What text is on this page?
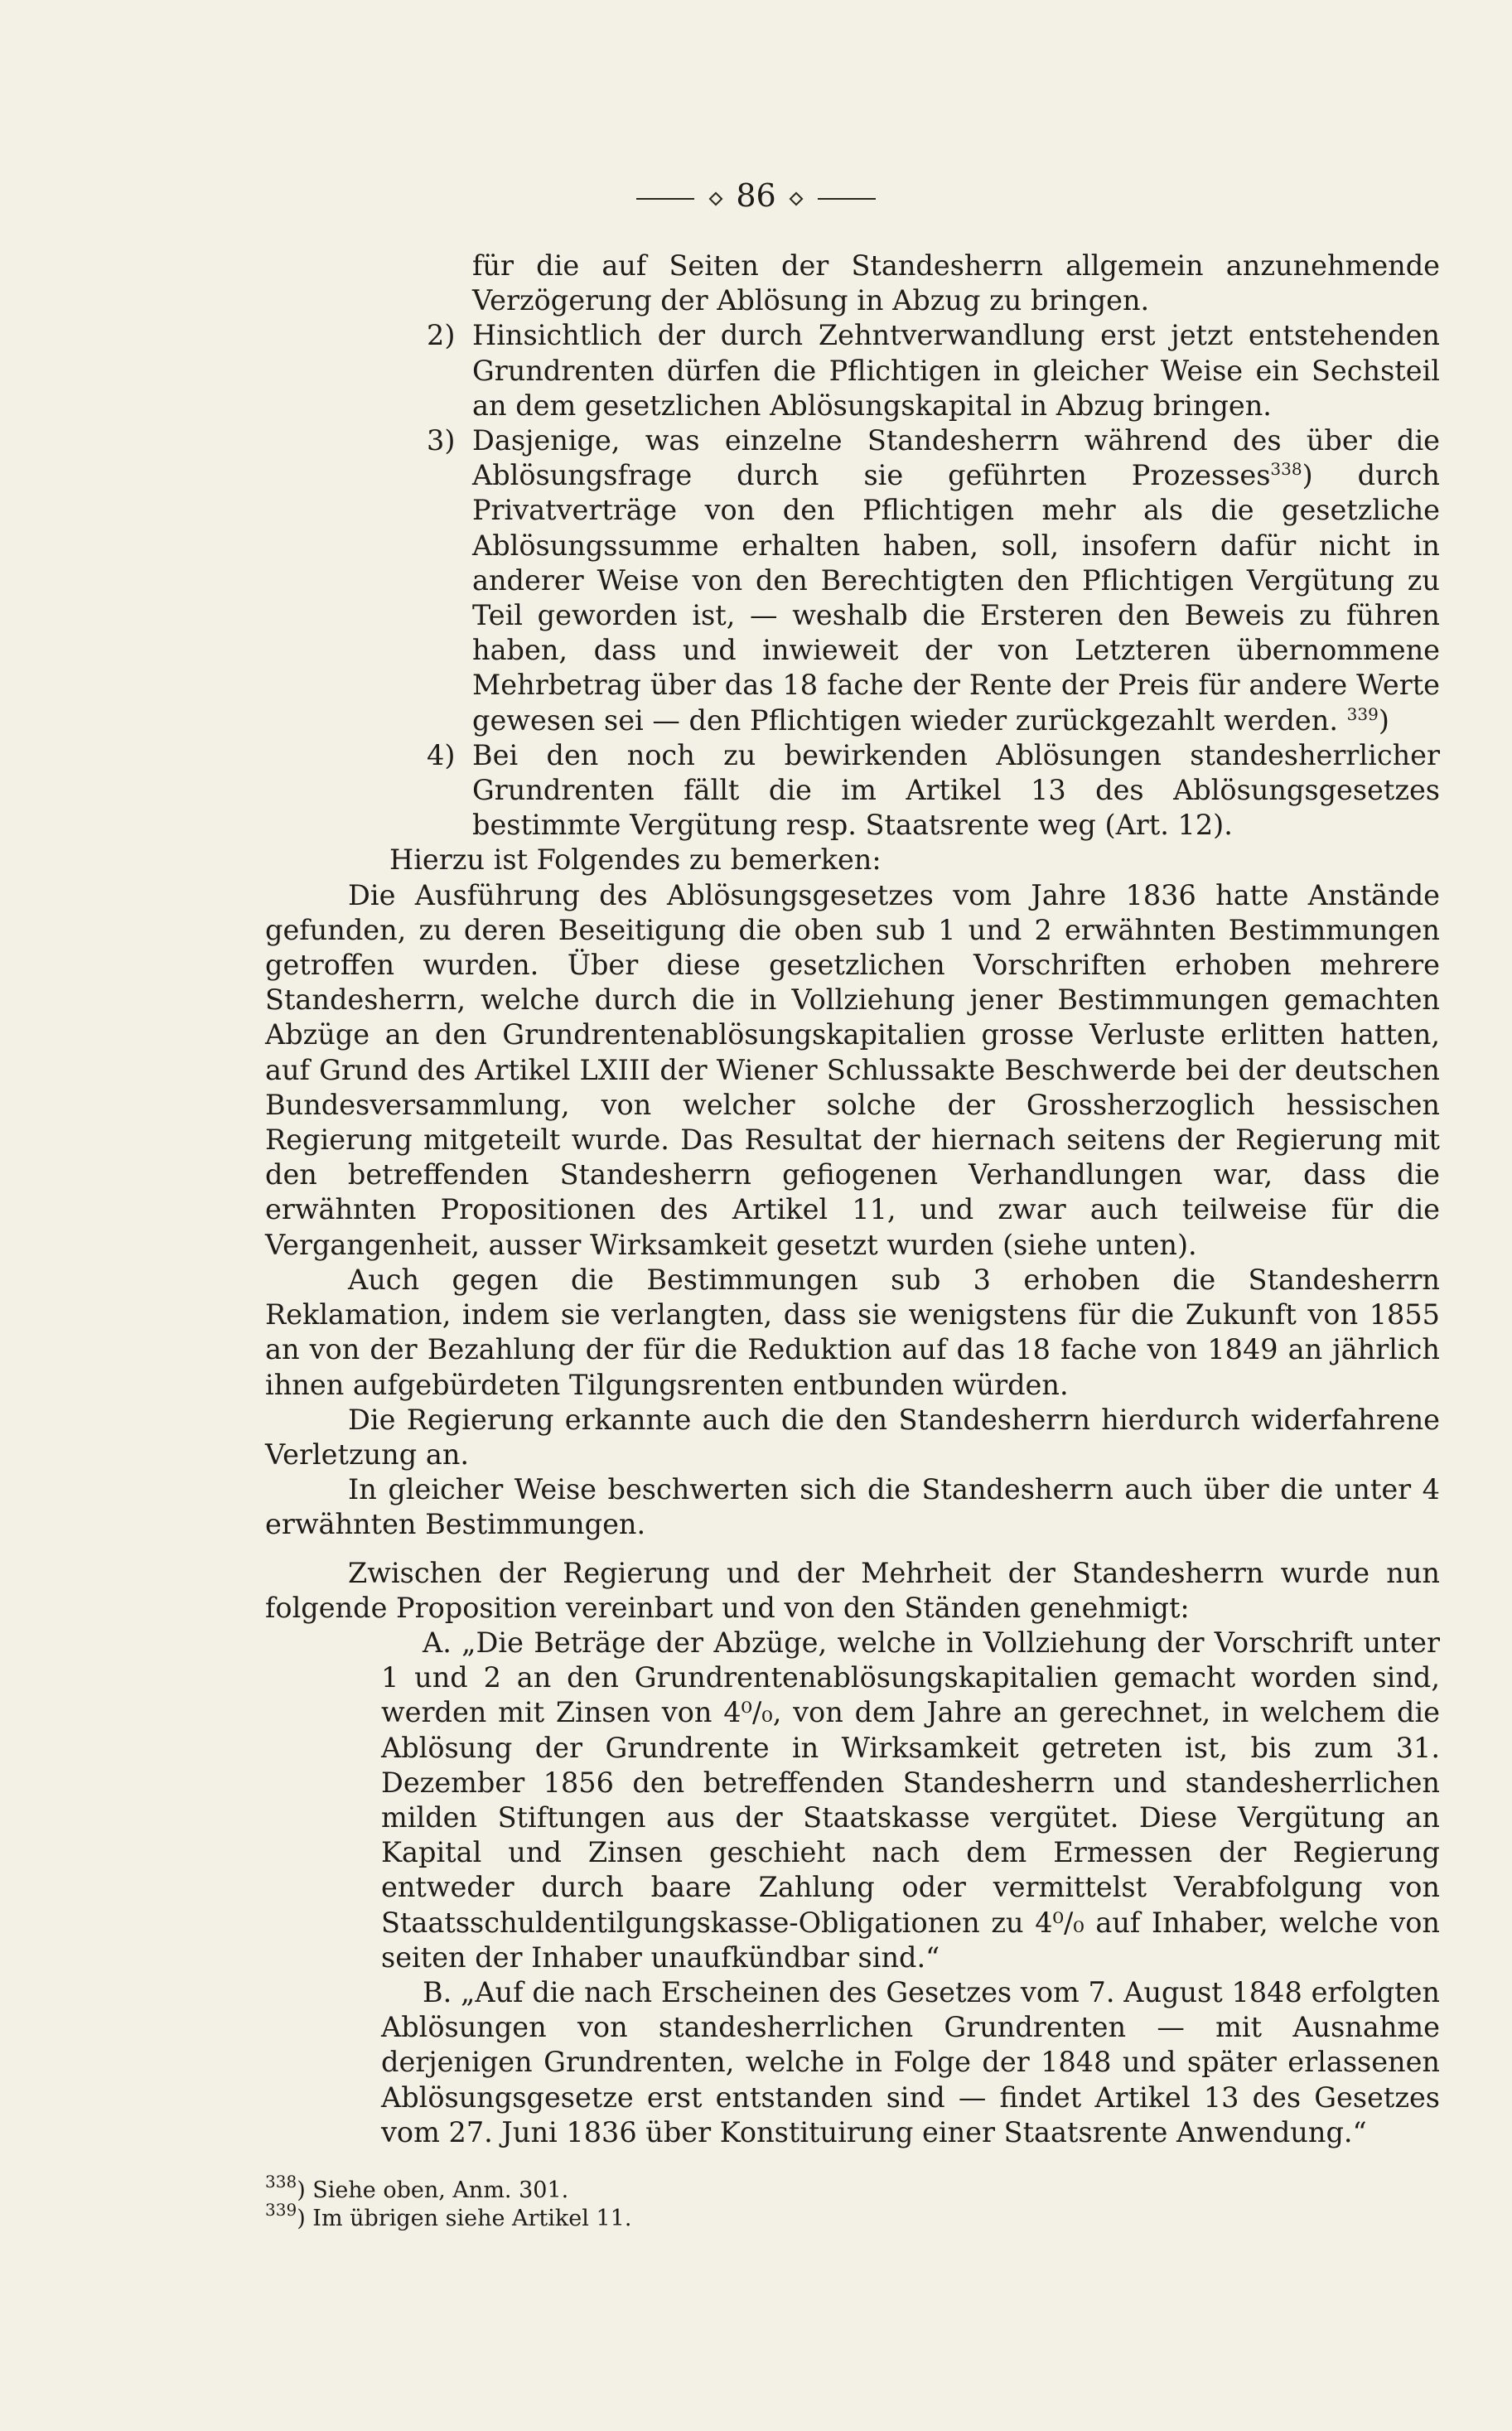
86

für die auf Seiten der Standesherrn allgemein anzunehmende Verzögerung der Ablösung in Abzug zu bringen.

2) Hinsichtlich der durch Zehntverwandlung erst jetzt entstehenden Grundrenten dürfen die Pflichtigen in gleicher Weise ein Sechsteil an dem gesetzlichen Ablösungskapital in Abzug bringen.

3) Dasjenige, was einzelne Standesherrn während des über die Ablösungsfrage durch sie geführten Prozesses$^{338}$) durch Privatverträge von den Pflichtigen mehr als die gesetzliche Ablösungssumme erhalten haben, soll, insofern dafür nicht in anderer Weise von den Berechtigten den Pflichtigen Vergütung zu Teil geworden ist, — weshalb die Ersteren den Beweis zu führen haben, dass und inwieweit der von Letzteren übernommene Mehrbetrag über das 18 fache der Rente der Preis für andere Werte gewesen sei — den Pflichtigen wieder zurückgezahlt werden. $^{339}$)

4) Bei den noch zu bewirkenden Ablösungen standesherrlicher Grundrenten fällt die im Artikel 13 des Ablösungsgesetzes bestimmte Vergütung resp. Staatsrente weg (Art. 12).

Hierzu ist Folgendes zu bemerken:

Die Ausführung des Ablösungsgesetzes vom Jahre 1836 hatte Anstände gefunden, zu deren Beseitigung die oben sub 1 und 2 erwähnten Bestimmungen getroffen wurden. Über diese gesetzlichen Vorschriften erhoben mehrere Standesherrn, welche durch die in Vollziehung jener Bestimmungen gemachten Abzüge an den Grundrentenablösungskapitalien grosse Verluste erlitten hatten, auf Grund des Artikel LXIII der Wiener Schlussakte Beschwerde bei der deutschen Bundesversammlung, von welcher solche der Grossherzoglich hessischen Regierung mitgeteilt wurde. Das Resultat der hiernach seitens der Regierung mit den betreffenden Standesherrn gefiogenen Verhandlungen war, dass die erwähnten Propositionen des Artikel 11, und zwar auch teilweise für die Vergangenheit, ausser Wirksamkeit gesetzt wurden (siehe unten).

Auch gegen die Bestimmungen sub 3 erhoben die Standesherrn Reklamation, indem sie verlangten, dass sie wenigstens für die Zukunft von 1855 an von der Bezahlung der für die Reduktion auf das 18 fache von 1849 an jährlich ihnen aufgebürdeten Tilgungsrenten entbunden würden.

Die Regierung erkannte auch die den Standesherrn hierdurch widerfahrene Verletzung an.

In gleicher Weise beschwerten sich die Standesherrn auch über die unter 4 erwähnten Bestimmungen.

Zwischen der Regierung und der Mehrheit der Standesherrn wurde nun folgende Proposition vereinbart und von den Ständen genehmigt:

A. „Die Beträge der Abzüge, welche in Vollziehung der Vorschrift unter 1 und 2 an den Grundrentenablösungskapitalien gemacht worden sind, werden mit Zinsen von 4⁰/₀, von dem Jahre an gerechnet, in welchem die Ablösung der Grundrente in Wirksamkeit getreten ist, bis zum 31. Dezember 1856 den betreffenden Standesherrn und standesherrlichen milden Stiftungen aus der Staatskasse vergütet. Diese Vergütung an Kapital und Zinsen geschieht nach dem Ermessen der Regierung entweder durch baare Zahlung oder vermittelst Verabfolgung von Staatsschuldentilgungskasse-Obligationen zu 4⁰/₀ auf Inhaber, welche von seiten der Inhaber unaufkündbar sind.“

B. „Auf die nach Erscheinen des Gesetzes vom 7. August 1848 erfolgten Ablösungen von standesherrlichen Grundrenten — mit Ausnahme derjenigen Grundrenten, welche in Folge der 1848 und später erlassenen Ablösungsgesetze erst entstanden sind — findet Artikel 13 des Gesetzes vom 27. Juni 1836 über Konstituirung einer Staatsrente Anwendung.“

$^{338}$) Siehe oben, Anm. 301.
$^{339}$) Im übrigen siehe Artikel 11.
